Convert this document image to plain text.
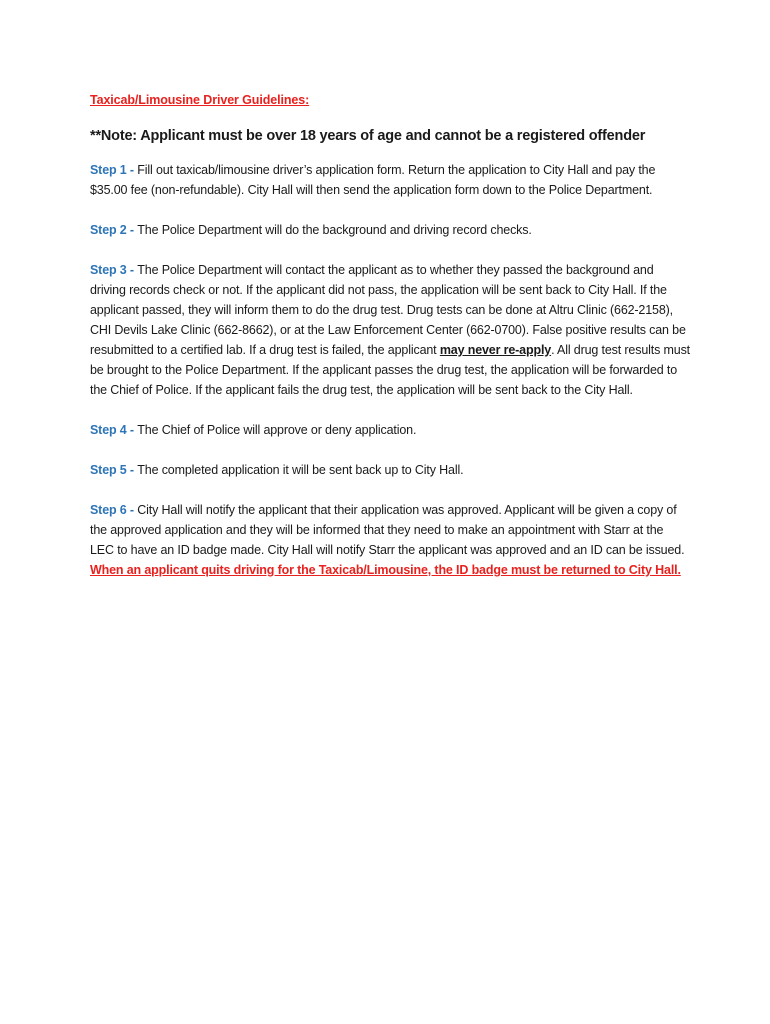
Taxicab/Limousine Driver Guidelines:
**Note: Applicant must be over 18 years of age and cannot be a registered offender

Step 1 - Fill out taxicab/limousine driver’s application form. Return the application to City Hall and pay the $35.00 fee (non-refundable). City Hall will then send the application form down to the Police Department.

Step 2 - The Police Department will do the background and driving record checks.

Step 3 - The Police Department will contact the applicant as to whether they passed the background and driving records check or not. If the applicant did not pass, the application will be sent back to City Hall. If the applicant passed, they will inform them to do the drug test. Drug tests can be done at Altru Clinic (662-2158), CHI Devils Lake Clinic (662-8662), or at the Law Enforcement Center (662-0700). False positive results can be resubmitted to a certified lab. If a drug test is failed, the applicant may never re-apply. All drug test results must be brought to the Police Department. If the applicant passes the drug test, the application will be forwarded to the Chief of Police. If the applicant fails the drug test, the application will be sent back to the City Hall.

Step 4 - The Chief of Police will approve or deny application.

Step 5 - The completed application it will be sent back up to City Hall.

Step 6 - City Hall will notify the applicant that their application was approved. Applicant will be given a copy of the approved application and they will be informed that they need to make an appointment with Starr at the LEC to have an ID badge made. City Hall will notify Starr the applicant was approved and an ID can be issued. When an applicant quits driving for the Taxicab/Limousine, the ID badge must be returned to City Hall.
